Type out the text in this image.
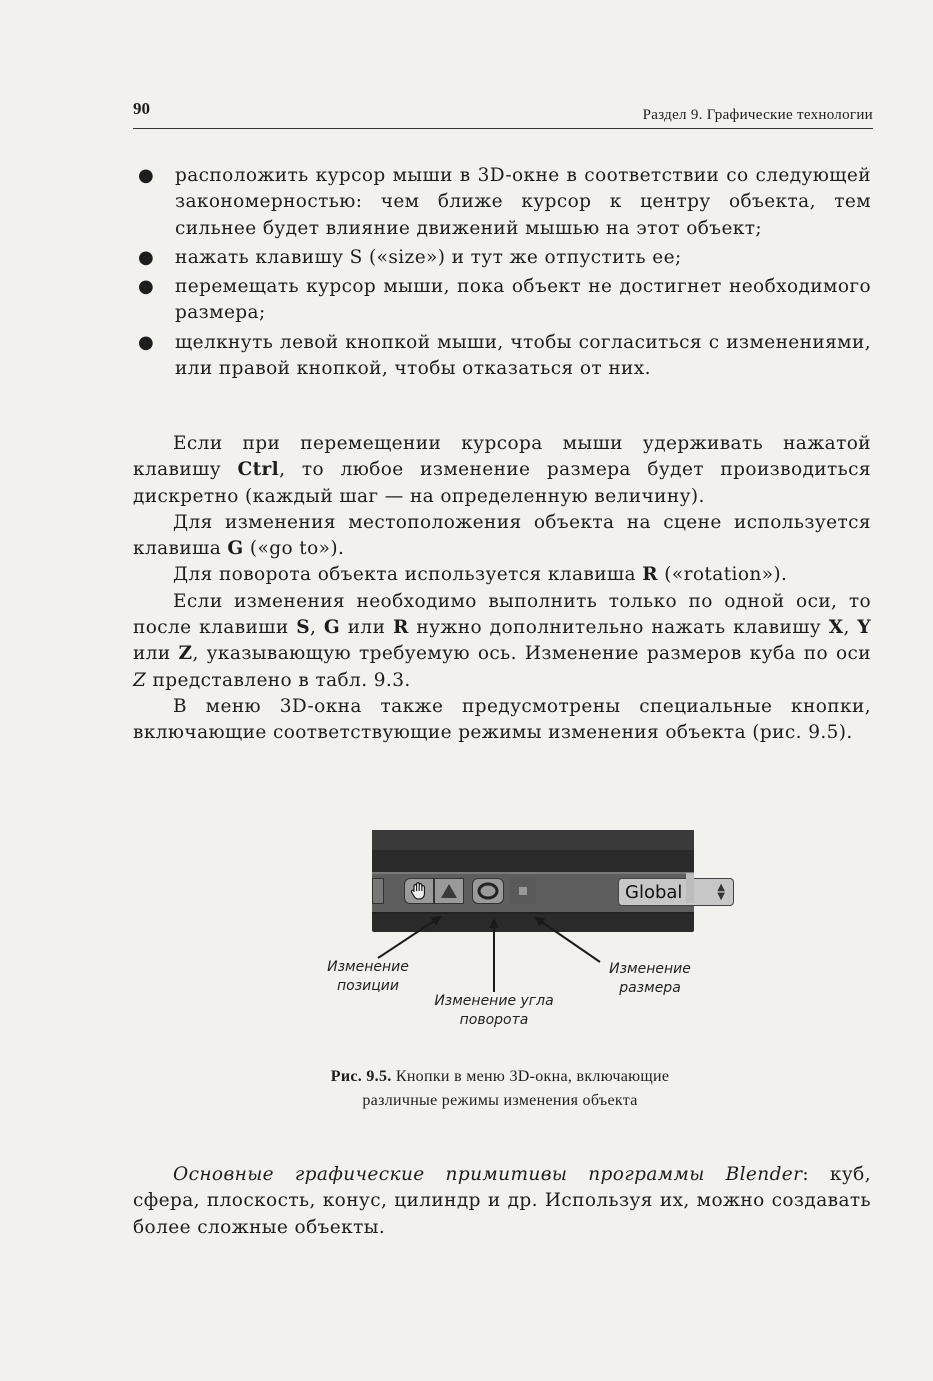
90	Раздел 9. Графические технологии
● расположить курсор мыши в 3D-окне в соответствии со следующей закономерностью: чем ближе курсор к центру объекта, тем сильнее будет влияние движений мышью на этот объект;
● нажать клавишу S («size») и тут же отпустить ее;
● перемещать курсор мыши, пока объект не достигнет необходимого размера;
● щелкнуть левой кнопкой мыши, чтобы согласиться с изменениями, или правой кнопкой, чтобы отказаться от них.

Если при перемещении курсора мыши удерживать нажатой клавишу Ctrl, то любое изменение размера будет производиться дискретно (каждый шаг — на определенную величину).

Для изменения местоположения объекта на сцене используется клавиша G («go to»).

Для поворота объекта используется клавиша R («rotation»).

Если изменения необходимо выполнить только по одной оси, то после клавиши S, G или R нужно дополнительно нажать клавишу X, Y или Z, указывающую требуемую ось. Изменение размеров куба по оси Z представлено в табл. 9.3.

В меню 3D-окна также предусмотрены специальные кнопки, включающие соответствующие режимы изменения объекта (рис. 9.5).

Global	▲
▼
Изменение
позиции
Изменение угла
поворота
Изменение
размера
Рис. 9.5. Кнопки в меню 3D-окна, включающие
различные режимы изменения объекта

Основные графические примитивы программы Blender: куб, сфера, плоскость, конус, цилиндр и др. Используя их, можно создавать более сложные объекты.
